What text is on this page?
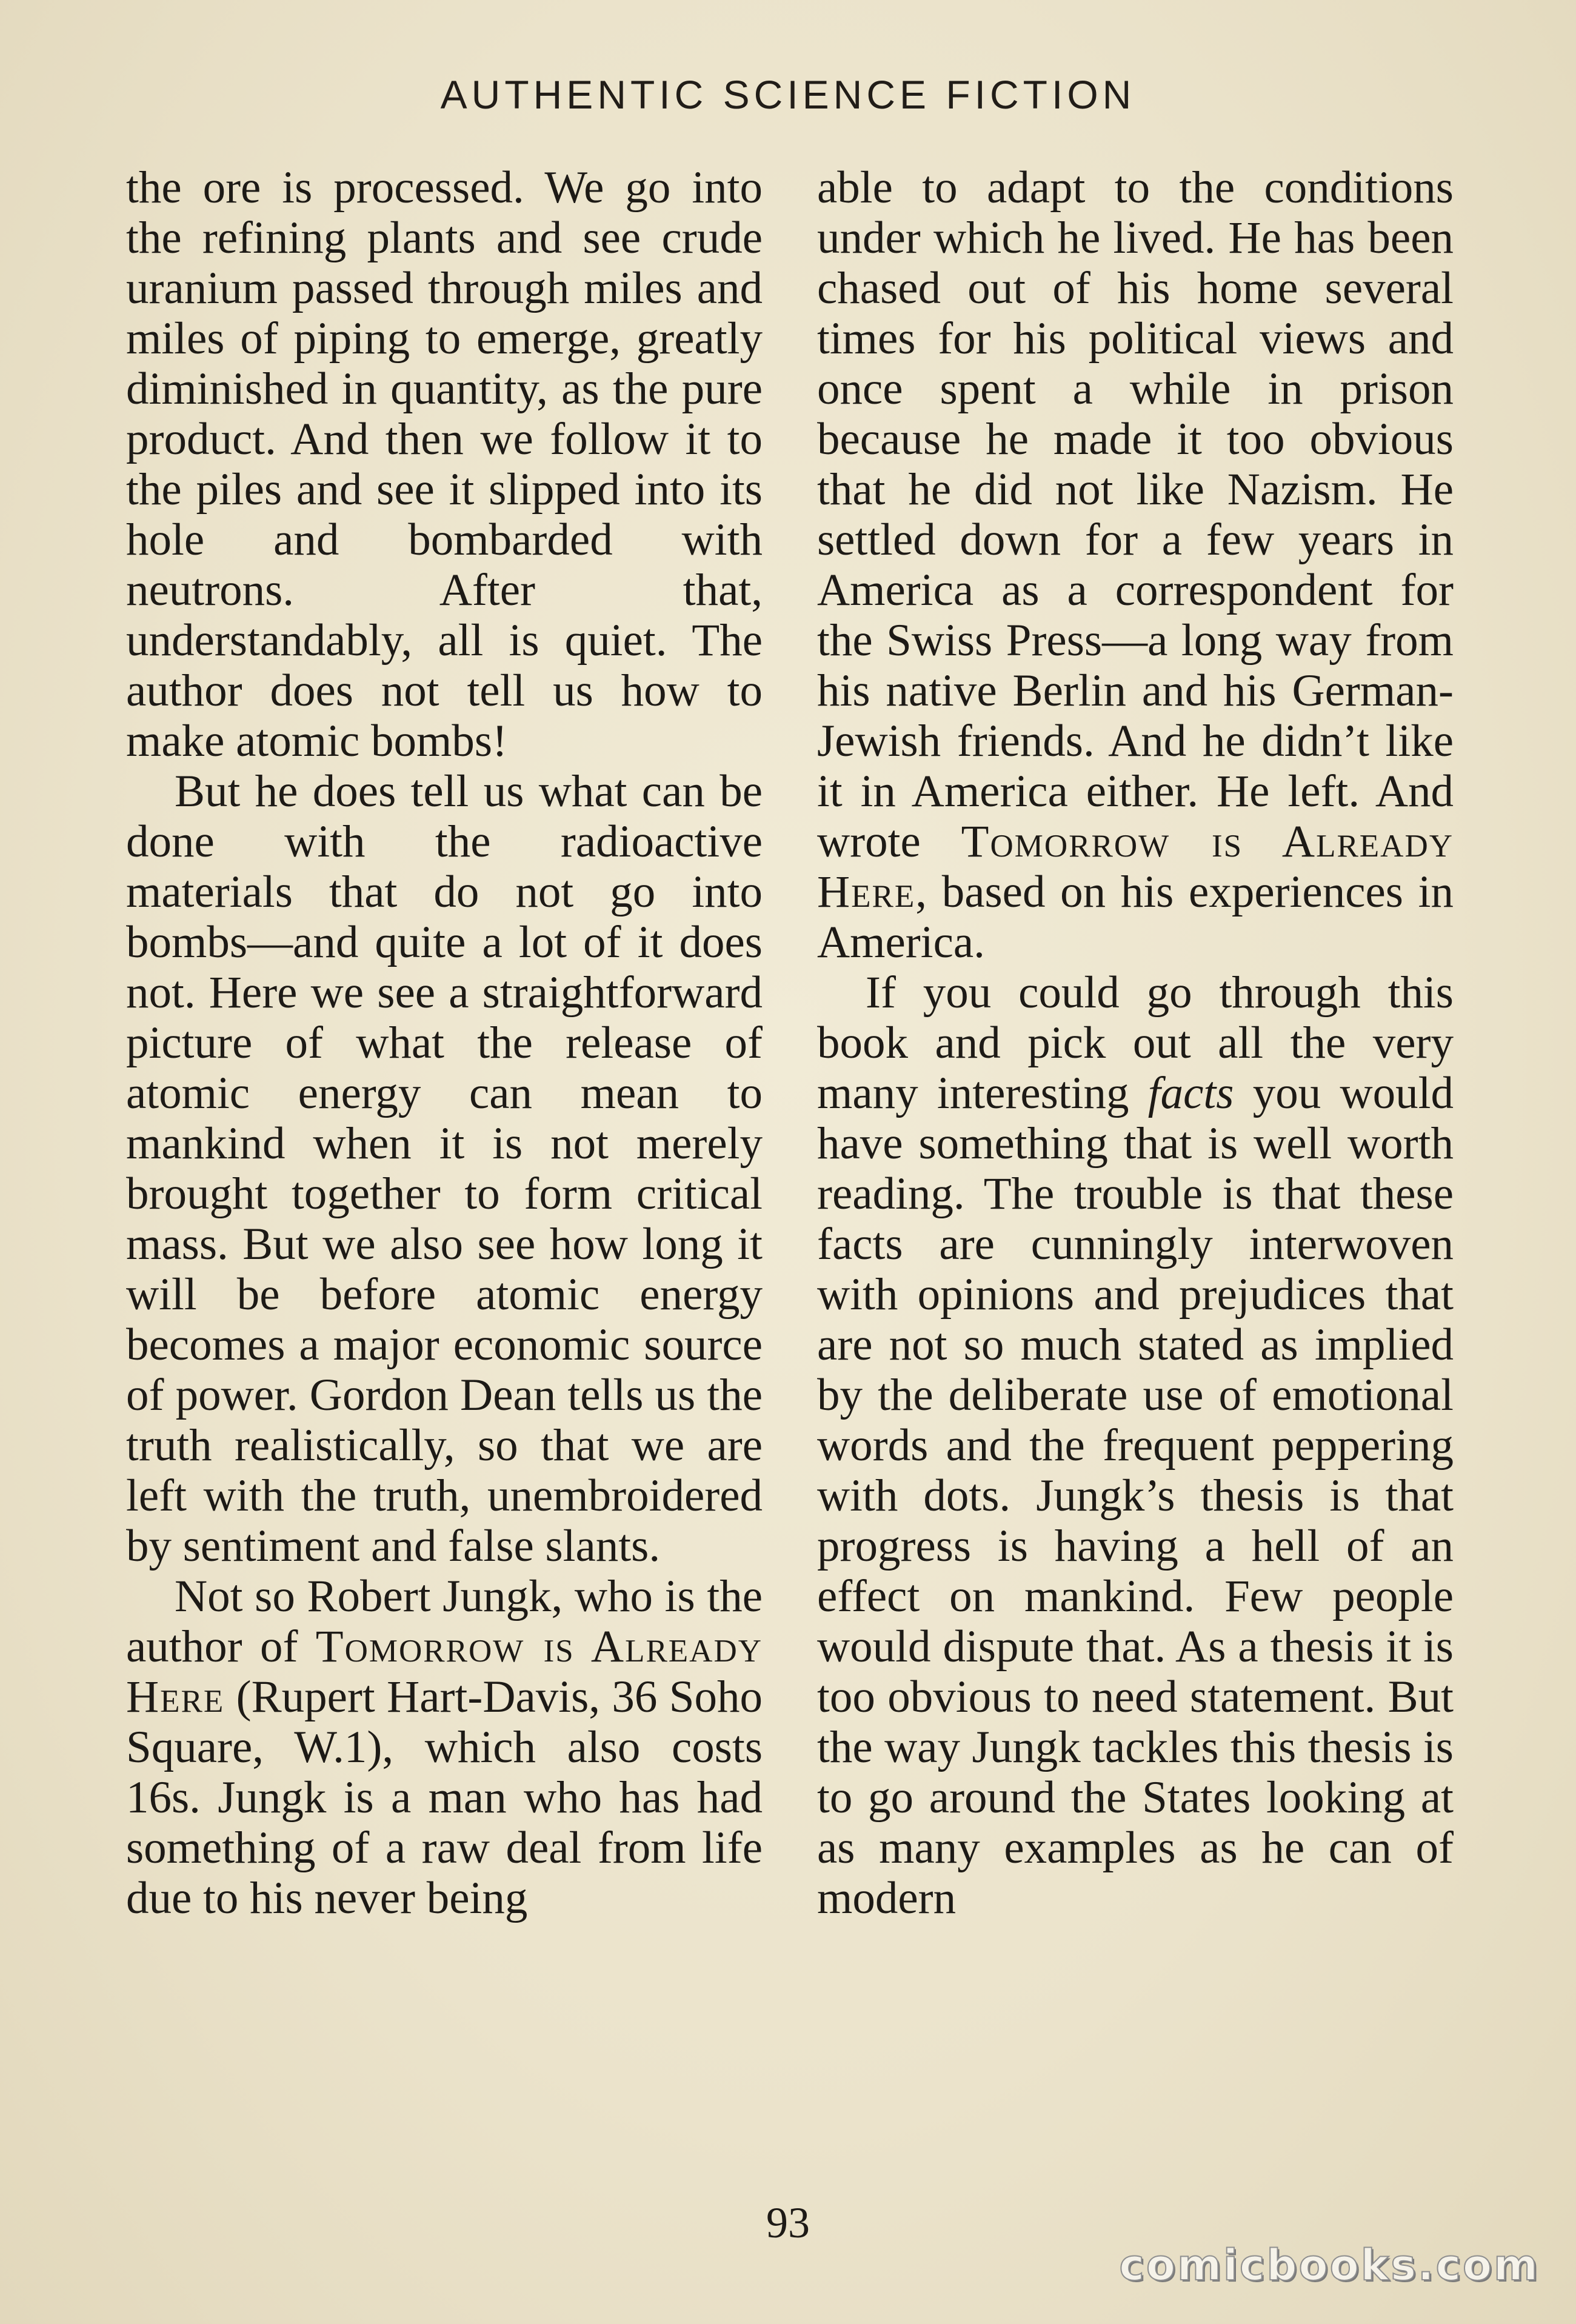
AUTHENTIC SCIENCE FICTION

the ore is processed. We go into the refining plants and see crude uranium passed through miles and miles of piping to emerge, greatly diminished in quantity, as the pure product. And then we follow it to the piles and see it slipped into its hole and bombarded with neutrons. After that, understandably, all is quiet. The author does not tell us how to make atomic bombs!

But he does tell us what can be done with the radioactive materials that do not go into bombs—and quite a lot of it does not. Here we see a straightforward picture of what the release of atomic energy can mean to mankind when it is not merely brought together to form critical mass. But we also see how long it will be before atomic energy becomes a major economic source of power. Gordon Dean tells us the truth realistically, so that we are left with the truth, unembroidered by sentiment and false slants.

Not so Robert Jungk, who is the author of Tomorrow is Already Here (Rupert Hart-Davis, 36 Soho Square, W.1), which also costs 16s. Jungk is a man who has had something of a raw deal from life due to his never being

able to adapt to the conditions under which he lived. He has been chased out of his home several times for his political views and once spent a while in prison because he made it too obvious that he did not like Nazism. He settled down for a few years in America as a correspondent for the Swiss Press—a long way from his native Berlin and his German-Jewish friends. And he didn’t like it in America either. He left. And wrote Tomorrow is Already Here, based on his experiences in America.

If you could go through this book and pick out all the very many interesting facts you would have something that is well worth reading. The trouble is that these facts are cunningly interwoven with opinions and prejudices that are not so much stated as implied by the deliberate use of emotional words and the frequent peppering with dots. Jungk’s thesis is that progress is having a hell of an effect on mankind. Few people would dispute that. As a thesis it is too obvious to need statement. But the way Jungk tackles this thesis is to go around the States looking at as many examples as he can of modern

93
comicbooks.com
